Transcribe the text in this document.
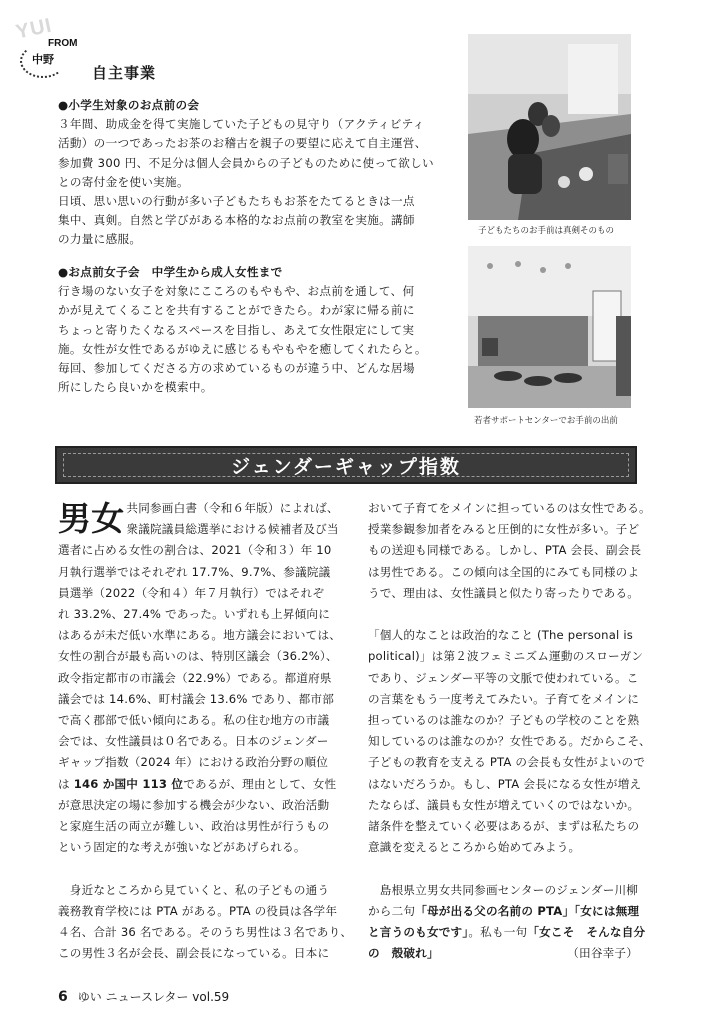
YUI
FROM
中野
自主事業

●小学生対象のお点前の会

３年間、助成金を得て実施していた子どもの見守り（アクティビティ

活動）の一つであったお茶のお稽古を親子の要望に応えて自主運営、

参加費 300 円、不足分は個人会員からの子どものために使って欲しい

との寄付金を使い実施。

日頃、思い思いの行動が多い子どもたちもお茶をたてるときは一点

集中、真剣。自然と学びがある本格的なお点前の教室を実施。講師

の力量に感服。

●お点前女子会　中学生から成人女性まで

行き場のない女子を対象にこころのもやもや、お点前を通して、何

かが見えてくることを共有することができたら。わが家に帰る前に

ちょっと寄りたくなるスペースを目指し、あえて女性限定にして実

施。女性が女性であるがゆえに感じるもやもやを癒してくれたらと。

毎回、参加してくださる方の求めているものが違う中、どんな居場

所にしたら良いかを模索中。

子どもたちのお手前は真剣そのもの
若者サポートセンターでお手前の出前
ジェンダーギャップ指数
男女 共同参画白書（令和６年版）によれば、

衆議院議員総選挙における候補者及び当

選者に占める女性の割合は、2021（令和３）年 10

月執行選挙ではそれぞれ 17.7%、9.7%、参議院議

員選挙（2022（令和４）年７月執行）ではそれぞ

れ 33.2%、27.4% であった。いずれも上昇傾向に

はあるが未だ低い水準にある。地方議会においては、

女性の割合が最も高いのは、特別区議会（36.2%）、

政令指定都市の市議会（22.9%）である。都道府県

議会では 14.6%、町村議会 13.6% であり、都市部

で高く郡部で低い傾向にある。私の住む地方の市議

会では、女性議員は０名である。日本のジェンダー

ギャップ指数（2024 年）における政治分野の順位

は 146 か国中 113 位であるが、理由として、女性

が意思決定の場に参加する機会が少ない、政治活動

と家庭生活の両立が難しい、政治は男性が行うもの

という固定的な考えが強いなどがあげられる。

　身近なところから見ていくと、私の子どもの通う

義務教育学校には PTA がある。PTA の役員は各学年

４名、合計 36 名である。そのうち男性は３名であり、

この男性３名が会長、副会長になっている。日本に

おいて子育てをメインに担っているのは女性である。

授業参観参加者をみると圧倒的に女性が多い。子ど

もの送迎も同様である。しかし、PTA 会長、副会長

は男性である。この傾向は全国的にみても同様のよ

うで、理由は、女性議員と似たり寄ったりである。

「個人的なことは政治的なこと (The personal is

political)」は第２波フェミニズム運動のスローガン

であり、ジェンダー平等の文脈で使われている。こ

の言葉をもう一度考えてみたい。子育てをメインに

担っているのは誰なのか？子どもの学校のことを熟

知しているのは誰なのか？女性である。だからこそ、

子どもの教育を支える PTA の会長も女性がよいので

はないだろうか。もし、PTA 会長になる女性が増え

たならば、議員も女性が増えていくのではないか。

諸条件を整えていく必要はあるが、まずは私たちの

意識を変えるところから始めてみよう。

　島根県立男女共同参画センターのジェンダー川柳

から二句「母が出る父の名前の PTA」「女には無理

と言うのも女です」。私も一句「女こそ　そんな自分

の　殻破れ」	（田谷幸子）

6 ゆい ニュースレター vol.59
